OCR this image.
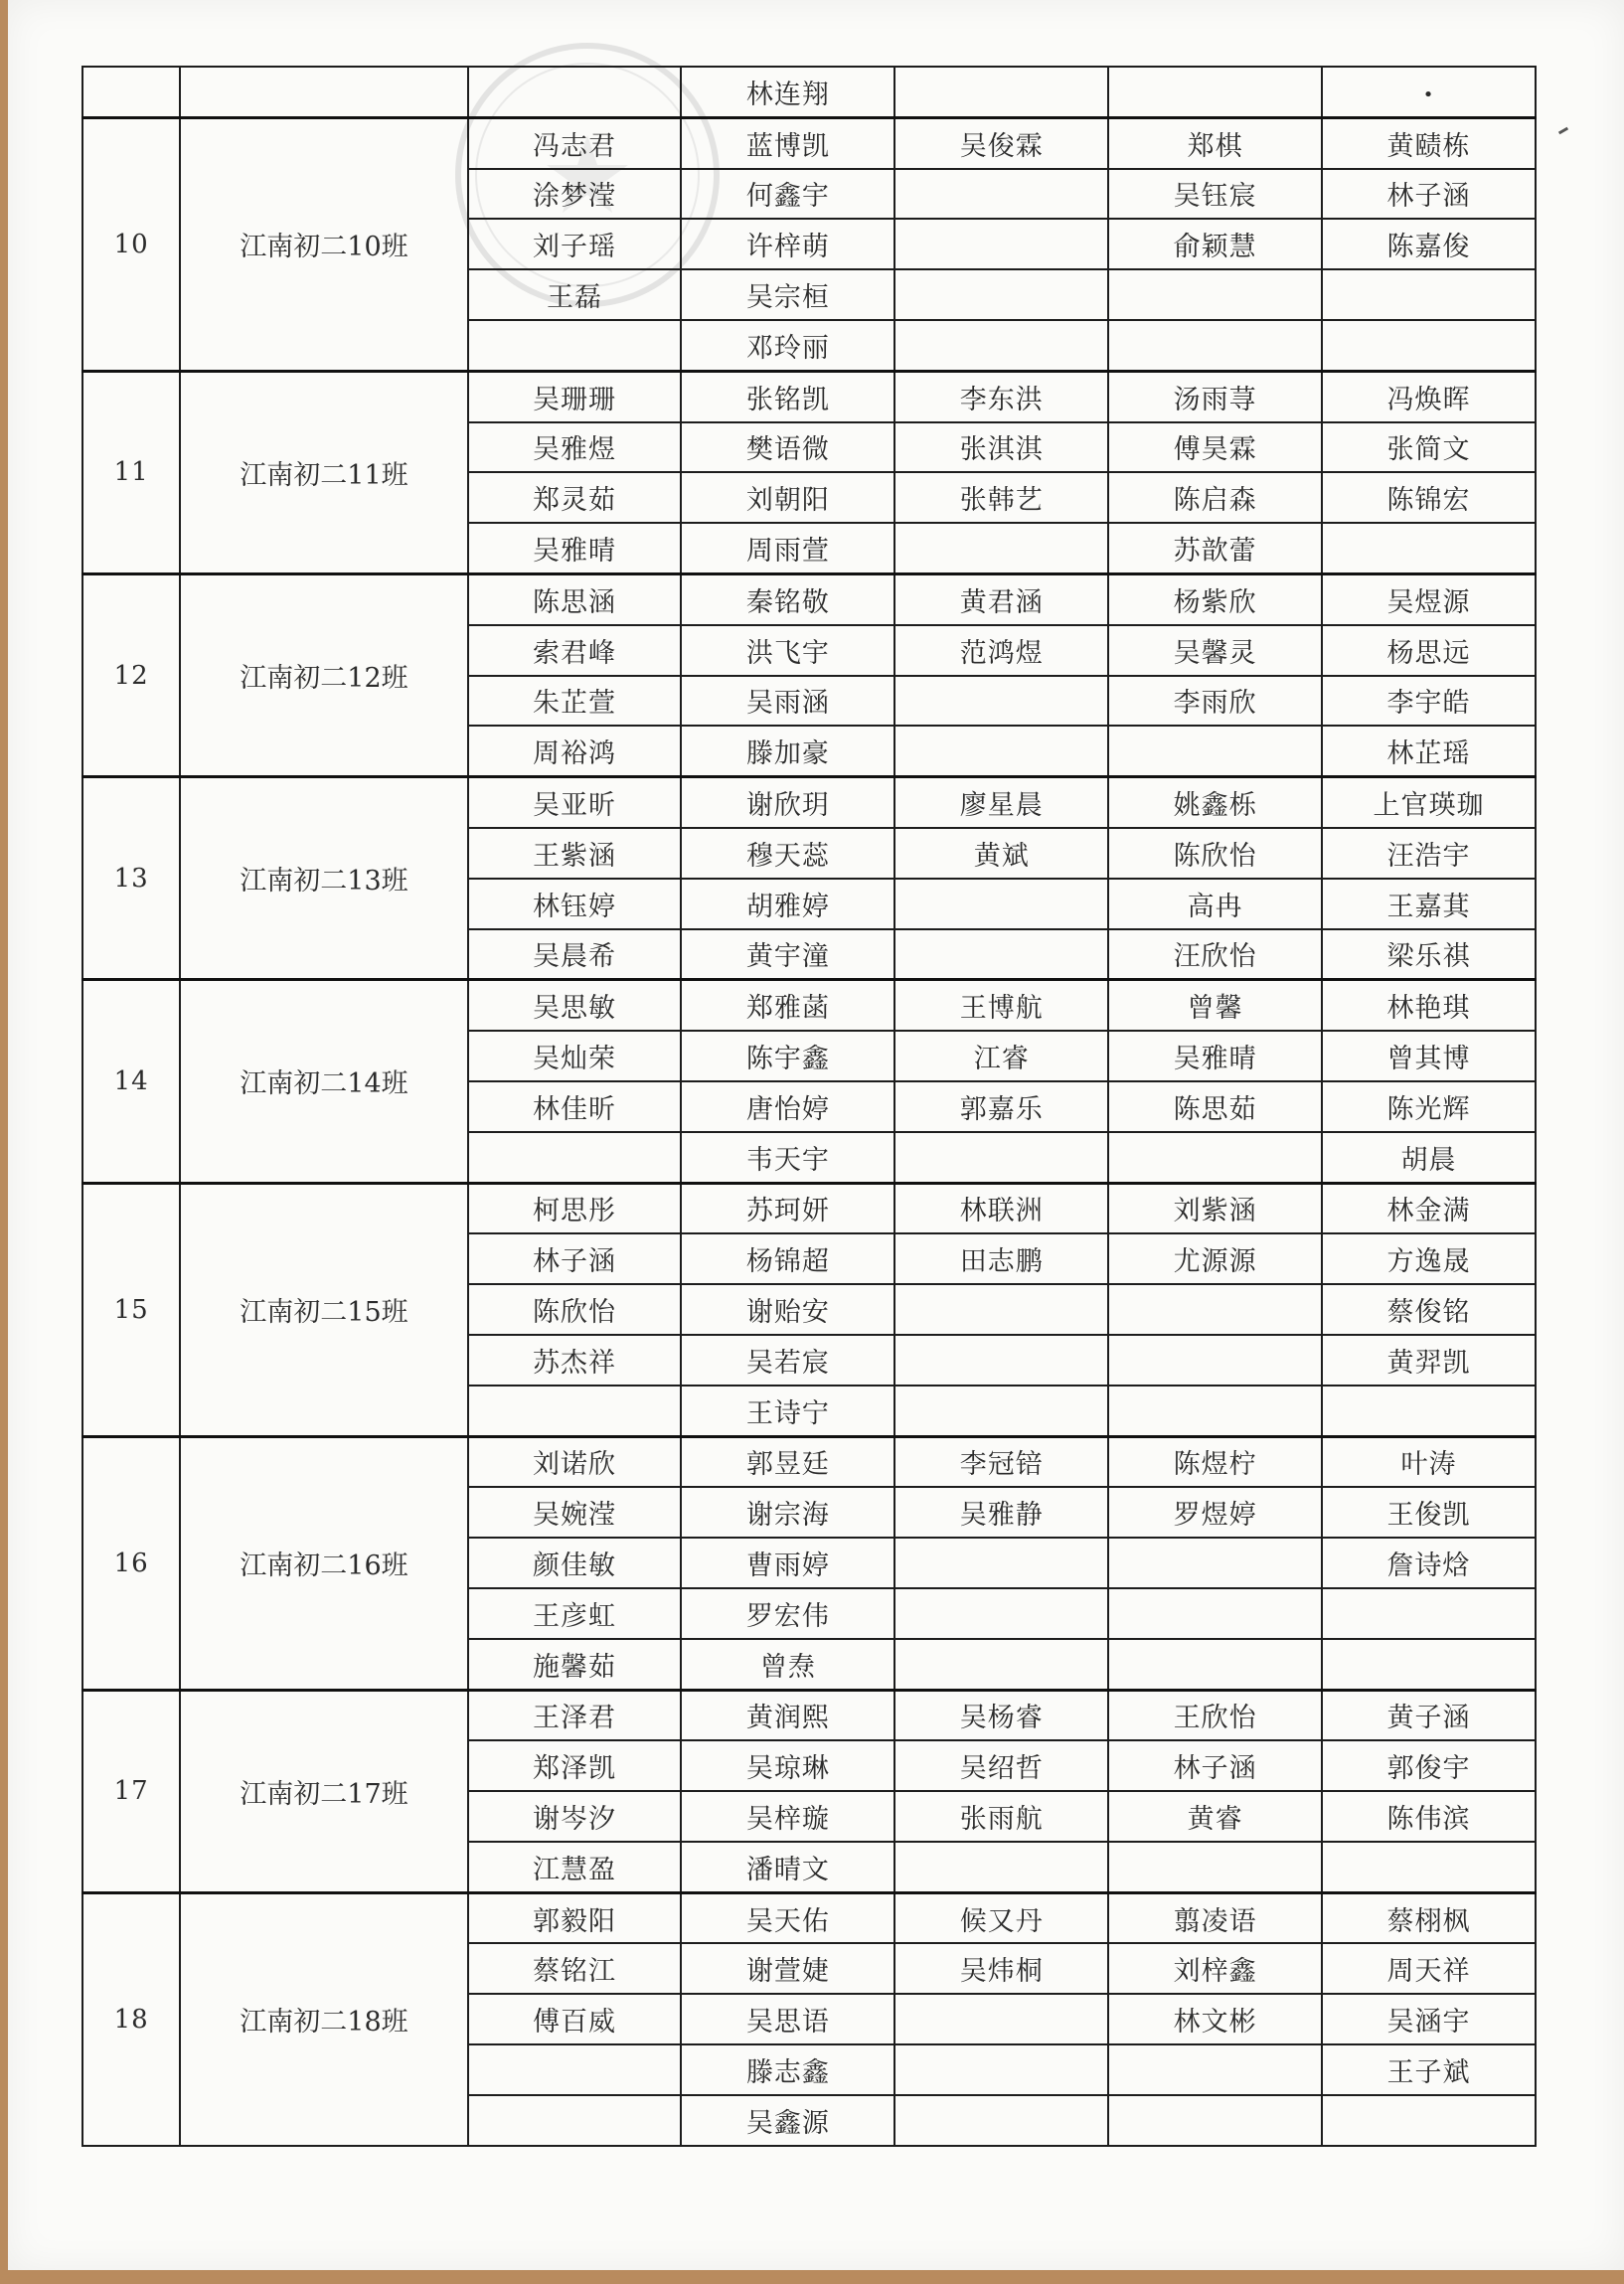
			林连翔			•
10	江南初二10班	冯志君	蓝博凯	吴俊霖	郑棋	黄赜栋
		涂梦滢	何鑫宇		吴钰宸	林子涵
		刘子瑶	许梓萌		俞颖慧	陈嘉俊
		王磊	吴宗桓			
			邓玲丽			
11	江南初二11班	吴珊珊	张铭凯	李东洪	汤雨荨	冯焕晖
		吴雅煜	樊语微	张淇淇	傅昊霖	张简文
		郑灵茹	刘朝阳	张韩艺	陈启森	陈锦宏
		吴雅晴	周雨萱		苏歆蕾	
12	江南初二12班	陈思涵	秦铭敬	黄君涵	杨紫欣	吴煜源
		索君峰	洪飞宇	范鸿煜	吴馨灵	杨思远
		朱芷萱	吴雨涵		李雨欣	李宇皓
		周裕鸿	滕加豪			林芷瑶
13	江南初二13班	吴亚昕	谢欣玥	廖星晨	姚鑫栎	上官瑛珈
		王紫涵	穆天蕊	黄斌	陈欣怡	汪浩宇
		林钰婷	胡雅婷		高冉	王嘉萁
		吴晨希	黄宇潼		汪欣怡	梁乐祺
14	江南初二14班	吴思敏	郑雅菡	王博航	曾馨	林艳琪
		吴灿荣	陈宇鑫	江睿	吴雅晴	曾其博
		林佳昕	唐怡婷	郭嘉乐	陈思茹	陈光辉
			韦天宇			胡晨
15	江南初二15班	柯思彤	苏珂妍	林联洲	刘紫涵	林金满
		林子涵	杨锦超	田志鹏	尤源源	方逸晟
		陈欣怡	谢贻安			蔡俊铭
		苏杰祥	吴若宸			黄羿凯
			王诗宁			
16	江南初二16班	刘诺欣	郭昱廷	李冠锫	陈煜柠	叶涛
		吴婉滢	谢宗海	吴雅静	罗煜婷	王俊凯
		颜佳敏	曹雨婷			詹诗焓
		王彦虹	罗宏伟			
		施馨茹	曾焘			
17	江南初二17班	王泽君	黄润熙	吴杨睿	王欣怡	黄子涵
		郑泽凯	吴琼琳	吴绍哲	林子涵	郭俊宇
		谢岑汐	吴梓璇	张雨航	黄睿	陈伟滨
		江慧盈	潘晴文			
18	江南初二18班	郭毅阳	吴天佑	候又丹	翦凌语	蔡栩枫
		蔡铭江	谢萱婕	吴炜桐	刘梓鑫	周天祥
		傅百威	吴思语		林文彬	吴涵宇
			滕志鑫			王子斌
			吴鑫源			
